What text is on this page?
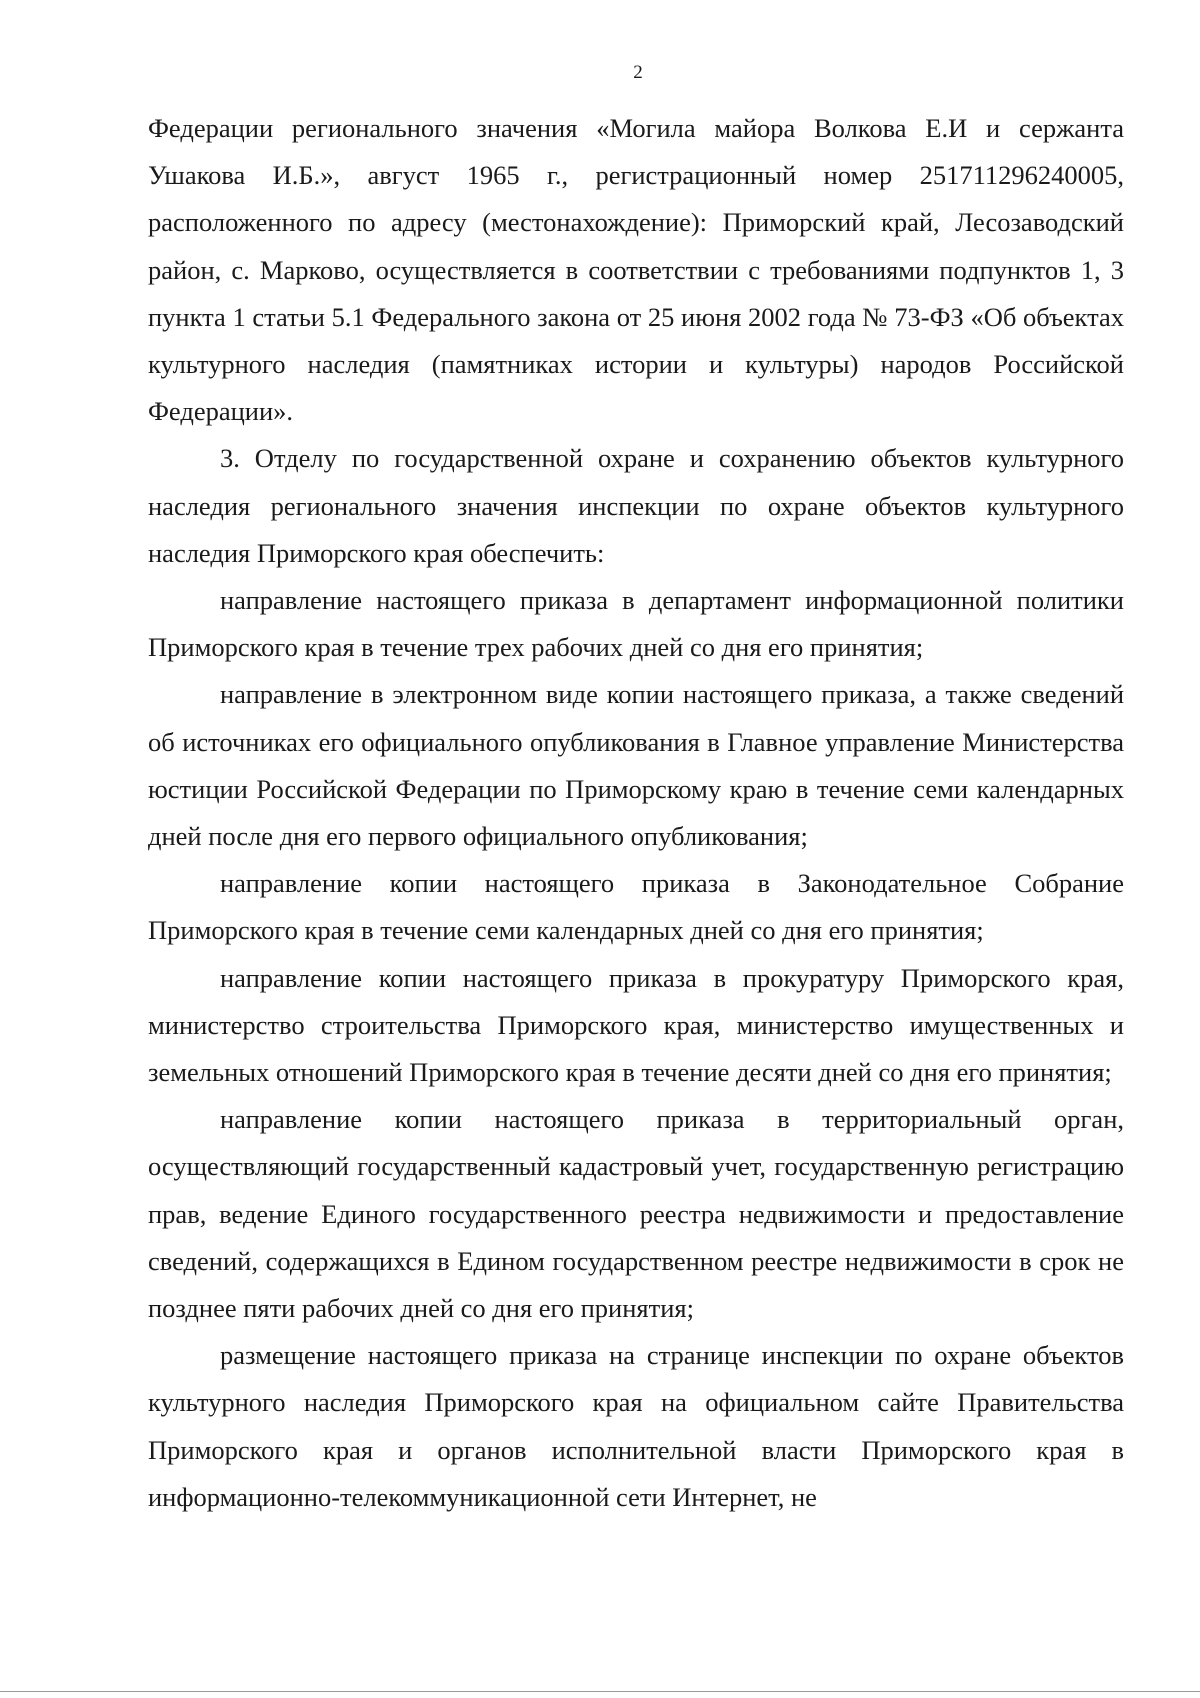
2

Федерации регионального значения «Могила майора Волкова Е.И и сержанта Ушакова И.Б.», август 1965 г., регистрационный номер 251711296240005, расположенного по адресу (местонахождение): Приморский край, Лесозаводский район, с. Марково, осуществляется в соответствии с требованиями подпунктов 1, 3 пункта 1 статьи 5.1 Федерального закона от 25 июня 2002 года № 73-ФЗ «Об объектах культурного наследия (памятниках истории и культуры) народов Российской Федерации».

3. Отделу по государственной охране и сохранению объектов культурного наследия регионального значения инспекции по охране объектов культурного наследия Приморского края обеспечить:

направление настоящего приказа в департамент информационной политики Приморского края в течение трех рабочих дней со дня его принятия;

направление в электронном виде копии настоящего приказа, а также сведений об источниках его официального опубликования в Главное управление Министерства юстиции Российской Федерации по Приморскому краю в течение семи календарных дней после дня его первого официального опубликования;

направление копии настоящего приказа в Законодательное Собрание Приморского края в течение семи календарных дней со дня его принятия;

направление копии настоящего приказа в прокуратуру Приморского края, министерство строительства Приморского края, министерство имущественных и земельных отношений Приморского края в течение десяти дней со дня его принятия;

направление копии настоящего приказа в территориальный орган, осуществляющий государственный кадастровый учет, государственную регистрацию прав, ведение Единого государственного реестра недвижимости и предоставление сведений, содержащихся в Едином государственном реестре недвижимости в срок не позднее пяти рабочих дней со дня его принятия;

размещение настоящего приказа на странице инспекции по охране объектов культурного наследия Приморского края на официальном сайте Правительства Приморского края и органов исполнительной власти Приморского края в информационно-телекоммуникационной сети Интернет, не
